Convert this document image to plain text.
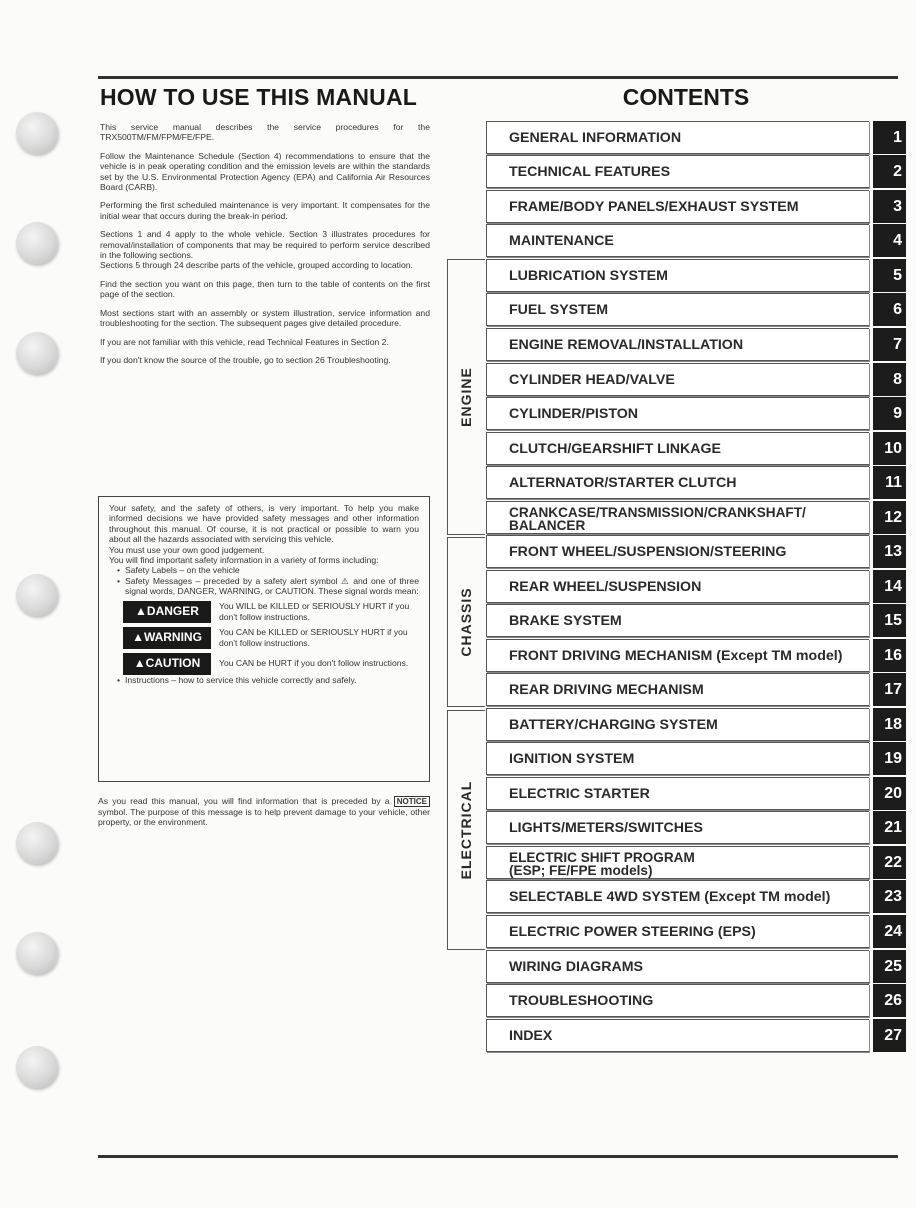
HOW TO USE THIS MANUAL

This service manual describes the service procedures for the TRX500TM/FM/FPM/FE/FPE.

Follow the Maintenance Schedule (Section 4) recommendations to ensure that the vehicle is in peak operating condition and the emission levels are within the standards set by the U.S. Environmental Protection Agency (EPA) and California Air Resources Board (CARB).

Performing the first scheduled maintenance is very important. It compensates for the initial wear that occurs during the break-in period.

Sections 1 and 4 apply to the whole vehicle. Section 3 illustrates procedures for removal/installation of components that may be required to perform service described in the following sections.

Sections 5 through 24 describe parts of the vehicle, grouped according to location.

Find the section you want on this page, then turn to the table of contents on the first page of the section.

Most sections start with an assembly or system illustration, service information and troubleshooting for the section. The subsequent pages give detailed procedure.

If you are not familiar with this vehicle, read Technical Features in Section 2.

If you don't know the source of the trouble, go to section 26 Troubleshooting.

Your safety, and the safety of others, is very important. To help you make informed decisions we have provided safety messages and other information throughout this manual. Of course, it is not practical or possible to warn you about all the hazards associated with servicing this vehicle.

You must use your own good judgement.

You will find important safety information in a variety of forms including:

• Safety Labels – on the vehicle
• Safety Messages – preceded by a safety alert symbol ⚠ and one of three signal words, DANGER, WARNING, or CAUTION. These signal words mean:
▲DANGER	You WILL be KILLED or SERIOUSLY HURT if you don't follow instructions.
▲WARNING	You CAN be KILLED or SERIOUSLY HURT if you don't follow instructions.
▲CAUTION	You CAN be HURT if you don't follow instructions.
• Instructions – how to service this vehicle correctly and safely.
As you read this manual, you will find information that is preceded by a NOTICE symbol. The purpose of this message is to help prevent damage to your vehicle, other property, or the environment.
CONTENTS
ENGINE
CHASSIS
ELECTRICAL
GENERAL INFORMATION	1
TECHNICAL FEATURES	2
FRAME/BODY PANELS/EXHAUST SYSTEM	3
MAINTENANCE	4
LUBRICATION SYSTEM	5
FUEL SYSTEM	6
ENGINE REMOVAL/INSTALLATION	7
CYLINDER HEAD/VALVE	8
CYLINDER/PISTON	9
CLUTCH/GEARSHIFT LINKAGE	10
ALTERNATOR/STARTER CLUTCH	11
CRANKCASE/TRANSMISSION/CRANKSHAFT/
BALANCER	12
FRONT WHEEL/SUSPENSION/STEERING	13
REAR WHEEL/SUSPENSION	14
BRAKE SYSTEM	15
FRONT DRIVING MECHANISM (Except TM model)	16
REAR DRIVING MECHANISM	17
BATTERY/CHARGING SYSTEM	18
IGNITION SYSTEM	19
ELECTRIC STARTER	20
LIGHTS/METERS/SWITCHES	21
ELECTRIC SHIFT PROGRAM
(ESP; FE/FPE models)	22
SELECTABLE 4WD SYSTEM (Except TM model)	23
ELECTRIC POWER STEERING (EPS)	24
WIRING DIAGRAMS	25
TROUBLESHOOTING	26
INDEX	27
